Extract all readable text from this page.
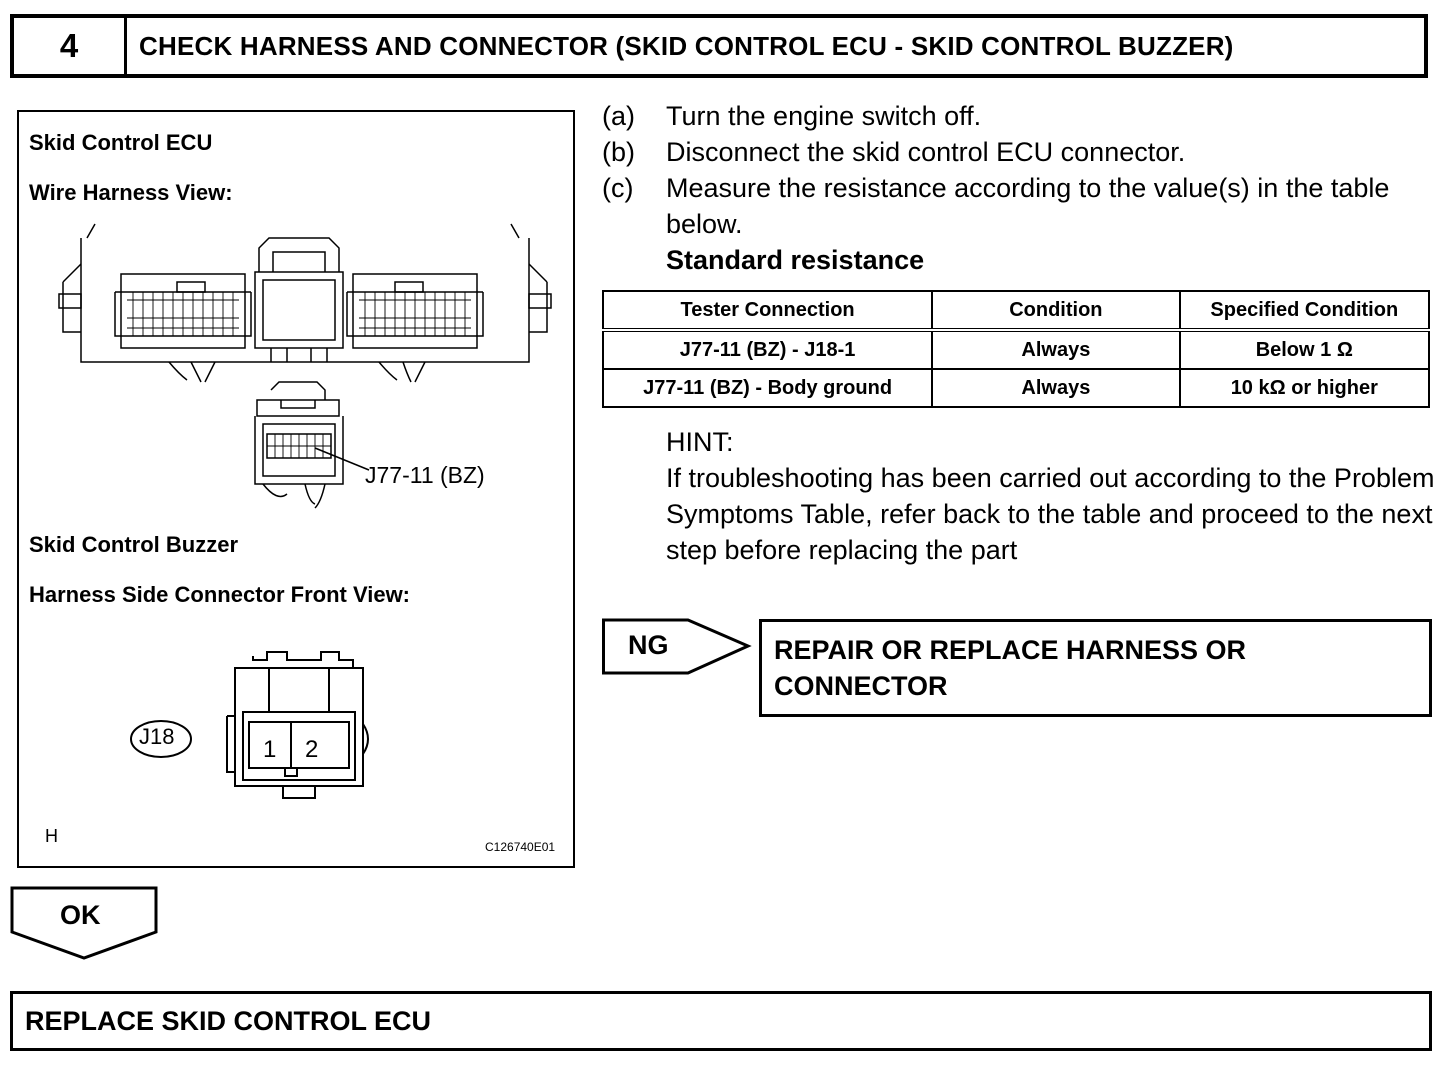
4	CHECK HARNESS AND CONNECTOR (SKID CONTROL ECU - SKID CONTROL BUZZER)
Skid Control ECU
Wire Harness View:
J77-11 (BZ)
Skid Control Buzzer
Harness Side Connector Front View:
J18	1 2
H
C126740E01
(a)	Turn the engine switch off.
(b)	Disconnect the skid control ECU connector.
(c)	Measure the resistance according to the value(s) in the table below.
Standard resistance
Tester Connection	Condition	Specified Condition
J77-11 (BZ) - J18-1	Always	Below 1 Ω
J77-11 (BZ) - Body ground	Always	10 kΩ or higher
HINT:
If troubleshooting has been carried out according to the Problem Symptoms Table, refer back to the table and proceed to the next step before replacing the part
NG	REPAIR OR REPLACE HARNESS OR CONNECTOR
OK
REPLACE SKID CONTROL ECU
